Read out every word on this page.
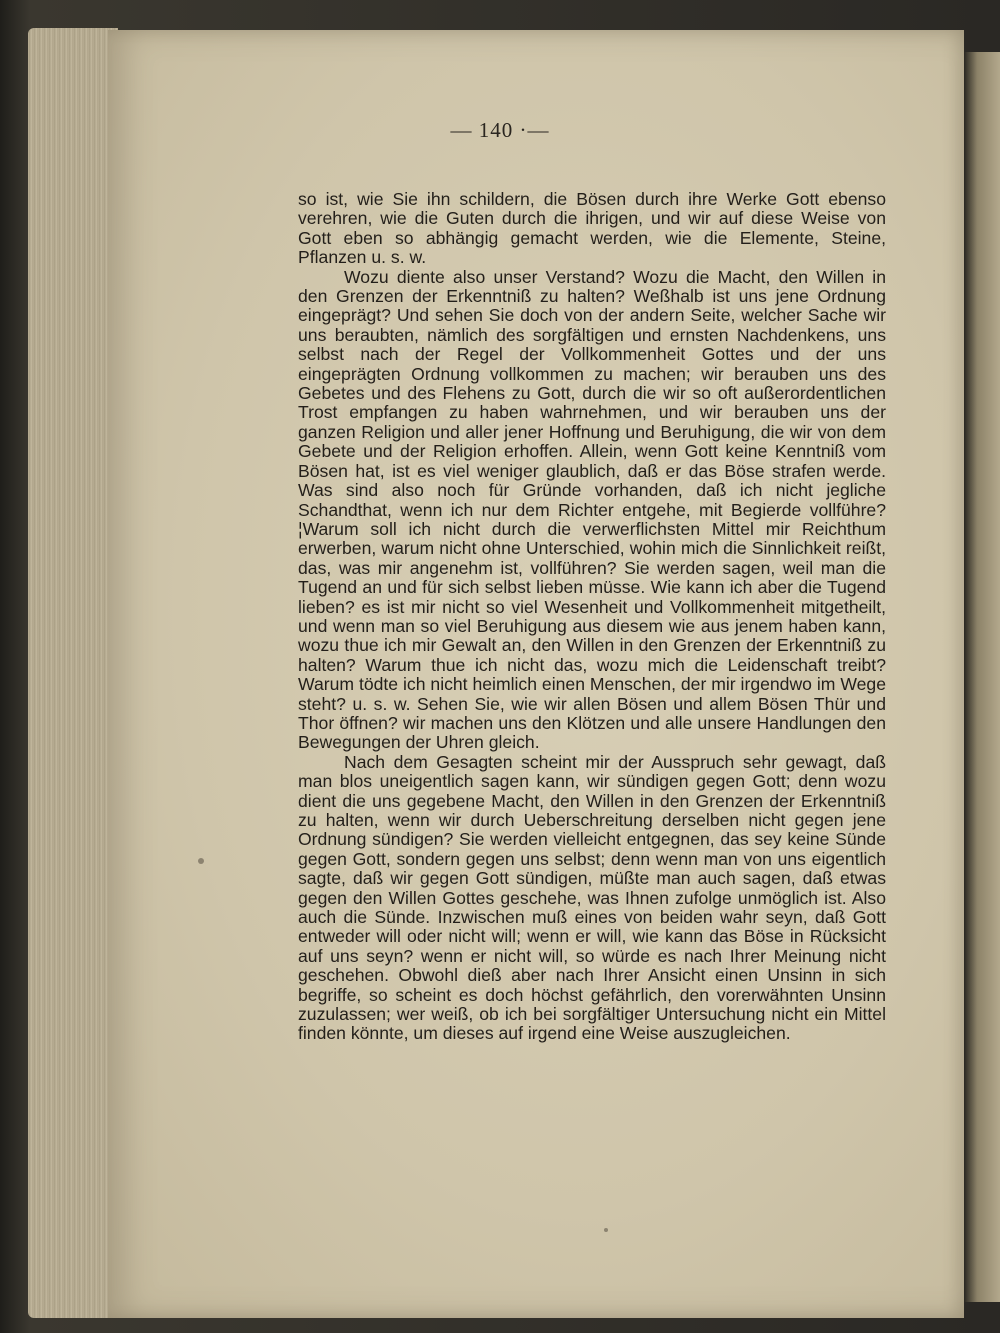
— 140 ·—

so ist, wie Sie ihn schildern, die Bösen durch ihre Werke Gott ebenso verehren, wie die Guten durch die ihrigen, und wir auf diese Weise von Gott eben so abhängig gemacht werden, wie die Elemente, Steine, Pflanzen u. s. w.

Wozu diente also unser Verstand? Wozu die Macht, den Willen in den Grenzen der Erkenntniß zu halten? Weßhalb ist uns jene Ordnung eingeprägt? Und sehen Sie doch von der andern Seite, welcher Sache wir uns beraubten, nämlich des sorgfältigen und ernsten Nachdenkens, uns selbst nach der Regel der Vollkommenheit Gottes und der uns eingeprägten Ordnung vollkommen zu machen; wir berauben uns des Gebetes und des Flehens zu Gott, durch die wir so oft außerordentlichen Trost empfangen zu haben wahrnehmen, und wir berauben uns der ganzen Religion und aller jener Hoffnung und Beruhigung, die wir von dem Gebete und der Religion erhoffen. Allein, wenn Gott keine Kenntniß vom Bösen hat, ist es viel weniger glaublich, daß er das Böse strafen werde. Was sind also noch für Gründe vorhanden, daß ich nicht jegliche Schandthat, wenn ich nur dem Richter entgehe, mit Begierde vollführe? ¦Warum soll ich nicht durch die verwerflichsten Mittel mir Reichthum erwerben, warum nicht ohne Unterschied, wohin mich die Sinnlichkeit reißt, das, was mir angenehm ist, vollführen? Sie werden sagen, weil man die Tugend an und für sich selbst lieben müsse. Wie kann ich aber die Tugend lieben? es ist mir nicht so viel Wesenheit und Vollkommenheit mitgetheilt, und wenn man so viel Beruhigung aus diesem wie aus jenem haben kann, wozu thue ich mir Gewalt an, den Willen in den Grenzen der Erkenntniß zu halten? Warum thue ich nicht das, wozu mich die Leidenschaft treibt? Warum tödte ich nicht heimlich einen Menschen, der mir irgendwo im Wege steht? u. s. w. Sehen Sie, wie wir allen Bösen und allem Bösen Thür und Thor öffnen? wir machen uns den Klötzen und alle unsere Handlungen den Bewegungen der Uhren gleich.

Nach dem Gesagten scheint mir der Ausspruch sehr gewagt, daß man blos uneigentlich sagen kann, wir sündigen gegen Gott; denn wozu dient die uns gegebene Macht, den Willen in den Grenzen der Erkenntniß zu halten, wenn wir durch Ueberschreitung derselben nicht gegen jene Ordnung sündigen? Sie werden vielleicht entgegnen, das sey keine Sünde gegen Gott, sondern gegen uns selbst; denn wenn man von uns eigentlich sagte, daß wir gegen Gott sündigen, müßte man auch sagen, daß etwas gegen den Willen Gottes geschehe, was Ihnen zufolge unmöglich ist. Also auch die Sünde. Inzwischen muß eines von beiden wahr seyn, daß Gott entweder will oder nicht will; wenn er will, wie kann das Böse in Rücksicht auf uns seyn? wenn er nicht will, so würde es nach Ihrer Meinung nicht geschehen. Obwohl dieß aber nach Ihrer Ansicht einen Unsinn in sich begriffe, so scheint es doch höchst gefährlich, den vorerwähnten Unsinn zuzulassen; wer weiß, ob ich bei sorgfältiger Untersuchung nicht ein Mittel finden könnte, um dieses auf irgend eine Weise auszugleichen.
